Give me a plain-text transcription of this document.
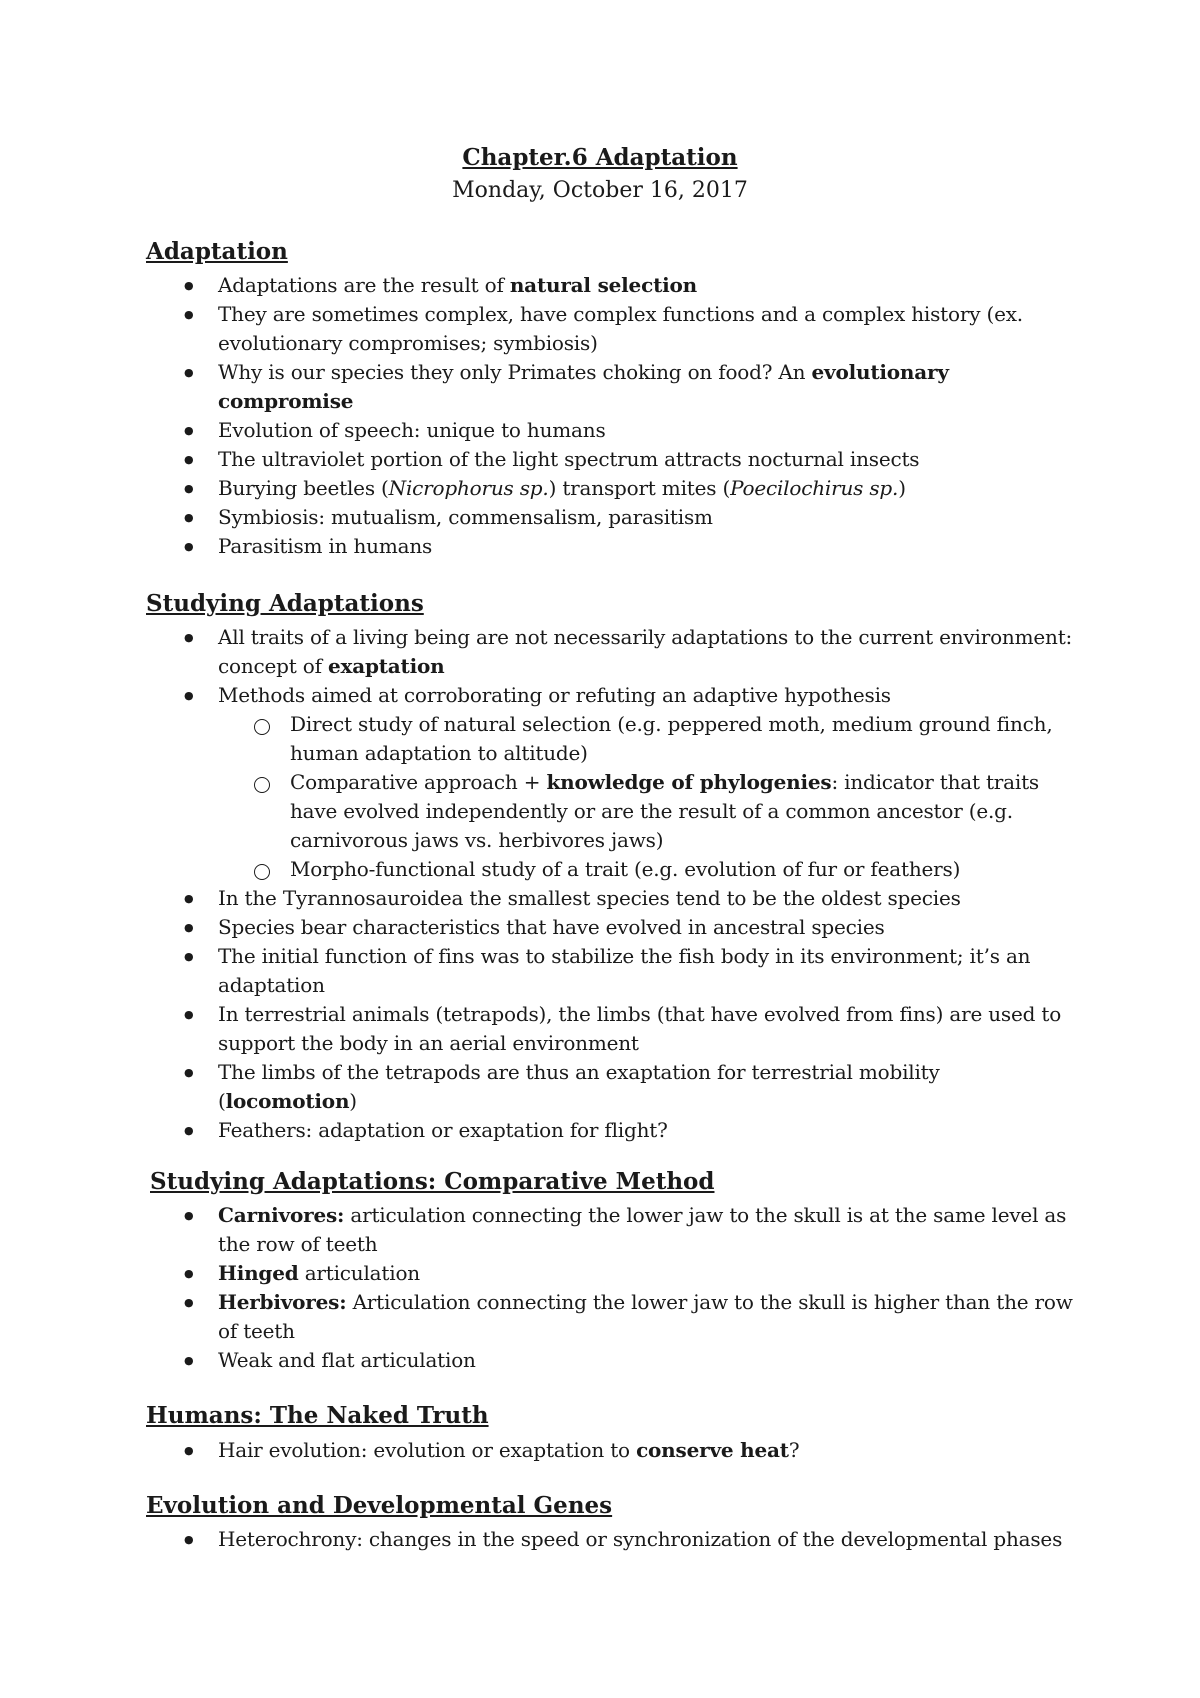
Chapter.6 Adaptation
Monday, October 16, 2017
Adaptation
● Adaptations are the result of natural selection
● They are sometimes complex, have complex functions and a complex history (ex. evolutionary compromises; symbiosis)
● Why is our species they only Primates choking on food? An evolutionary compromise
● Evolution of speech: unique to humans
● The ultraviolet portion of the light spectrum attracts nocturnal insects
● Burying beetles (Nicrophorus sp.) transport mites (Poecilochirus sp.)
● Symbiosis: mutualism, commensalism, parasitism
● Parasitism in humans
Studying Adaptations
● All traits of a living being are not necessarily adaptations to the current environment: concept of exaptation
● Methods aimed at corroborating or refuting an adaptive hypothesis
Direct study of natural selection (e.g. peppered moth, medium ground finch, human adaptation to altitude)
Comparative approach + knowledge of phylogenies: indicator that traits have evolved independently or are the result of a common ancestor (e.g. carnivorous jaws vs. herbivores jaws)
Morpho-functional study of a trait (e.g. evolution of fur or feathers)
● In the Tyrannosauroidea the smallest species tend to be the oldest species
● Species bear characteristics that have evolved in ancestral species
● The initial function of fins was to stabilize the fish body in its environment; it’s an adaptation
● In terrestrial animals (tetrapods), the limbs (that have evolved from fins) are used to support the body in an aerial environment
● The limbs of the tetrapods are thus an exaptation for terrestrial mobility (locomotion)
● Feathers: adaptation or exaptation for flight?
Studying Adaptations: Comparative Method
● Carnivores: articulation connecting the lower jaw to the skull is at the same level as the row of teeth
● Hinged articulation
● Herbivores: Articulation connecting the lower jaw to the skull is higher than the row of teeth
● Weak and flat articulation
Humans: The Naked Truth
● Hair evolution: evolution or exaptation to conserve heat?
Evolution and Developmental Genes
● Heterochrony: changes in the speed or synchronization of the developmental phases
